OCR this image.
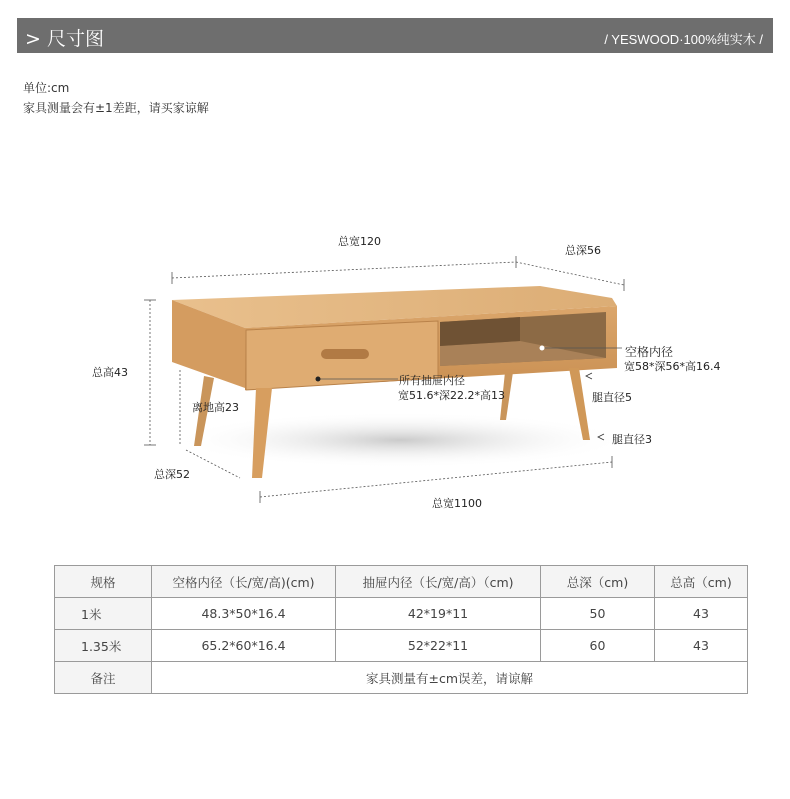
> 尺寸图	/ YESWOOD·100%纯实木 /
单位:cm
家具测量会有±1差距，请买家谅解
总宽120
总深56
总高43
离地高23
总深52
总宽1100
空格内径
宽58*深56*高16.4
所有抽屉内径
宽51.6*深22.2*高13	腿直径5
腿直径3
规格	空格内径（长/宽/高)(cm)	抽屉内径（长/宽/高）（cm)	总深（cm)	总高（cm)
1米	48.3*50*16.4	42*19*11	50	43
1.35米	65.2*60*16.4	52*22*11	60	43
备注	家具测量有±cm误差，请谅解			
